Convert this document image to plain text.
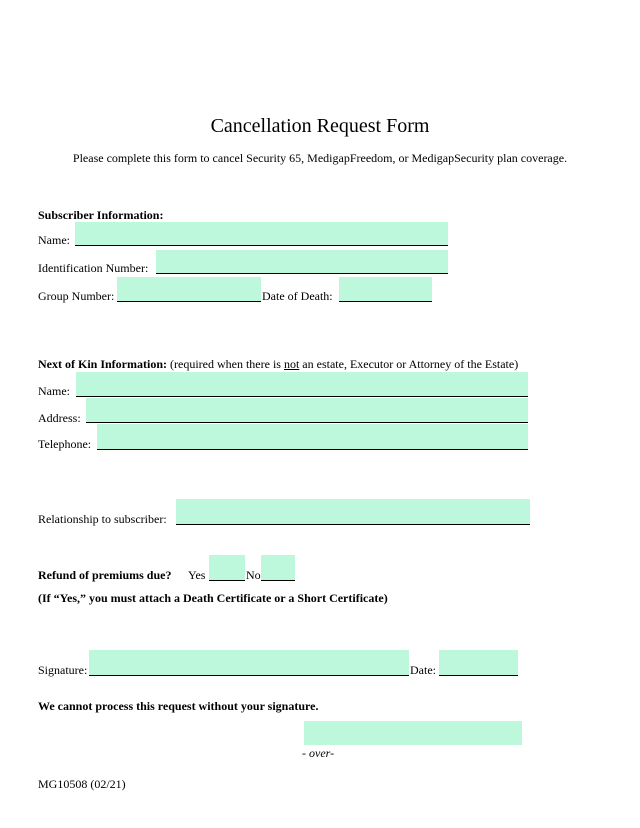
Cancellation Request Form
Please complete this form to cancel Security 65, MedigapFreedom, or MedigapSecurity plan coverage.
Subscriber Information:
Name:
Identification Number:
Group Number:	Date of Death:
Next of Kin Information: (required when there is not an estate, Executor or Attorney of the Estate)
Name:
Address:
Telephone:
Relationship to subscriber:
Refund of premiums due? Yes	No
(If “Yes,” you must attach a Death Certificate or a Short Certificate)
Signature:	Date:
We cannot process this request without your signature.
- over-
MG10508 (02/21)
